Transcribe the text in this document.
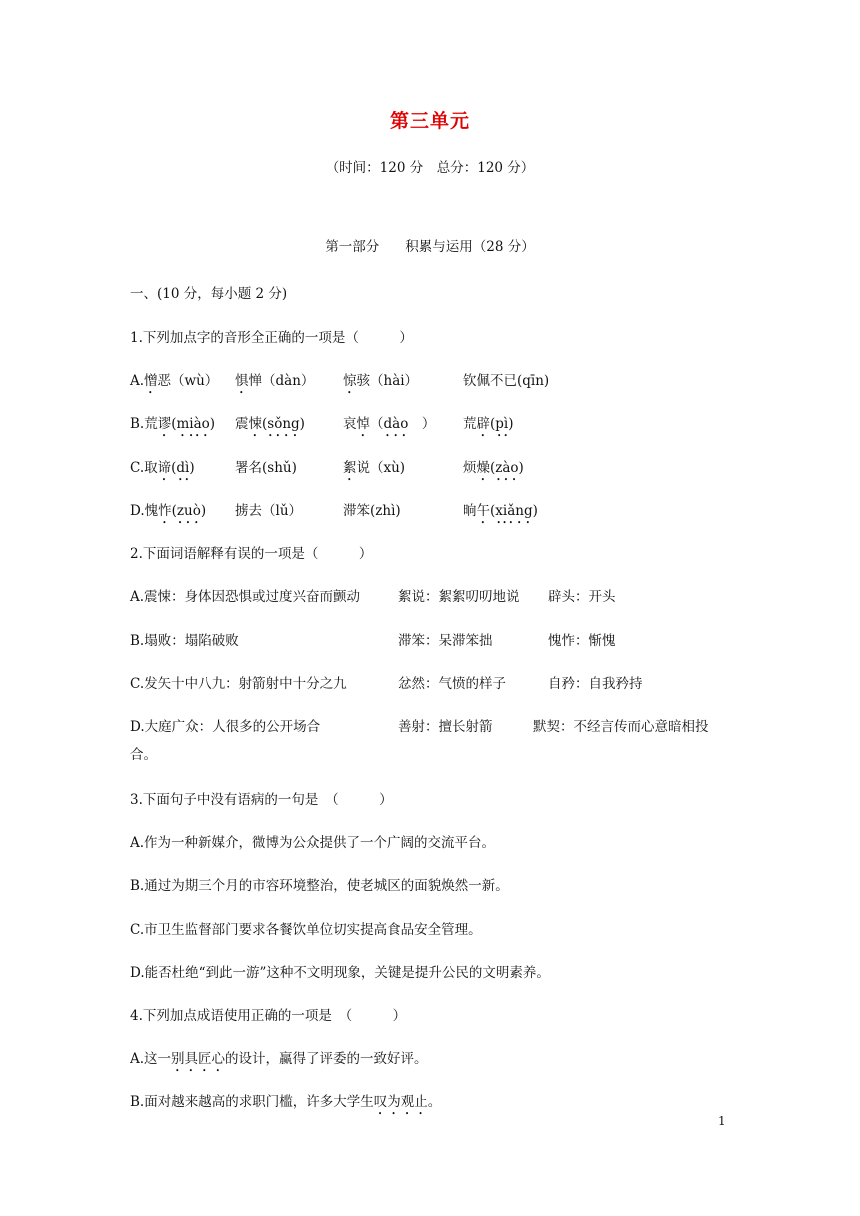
第三单元
（时间：120 分　总分：120 分）
第一部分 积累与运用（28 分）
一、(10 分，每小题 2 分)
1.下列加点字的音形全正确的一项是（　　　）
A.憎恶（wù） 惧惮（dàn） 惊骇（hài）	钦佩不已(qīn)
B.荒谬(miào) 震悚(sǒng)	哀悼（dào　） 荒辟(pì)
C.取谛(dì)	署名(shǔ)	絮说（xù)	烦燥(zào)
D.愧怍(zuò) 掳去（lǔ）	滞笨(zhì)	晌午(xiǎng)
2.下面词语解释有误的一项是（　　　）
A.震悚：身体因恐惧或过度兴奋而颤动	絮说：絮絮叨叨地说 辟头：开头
B.塌败：塌陷破败	滞笨：呆滞笨拙	愧怍：惭愧
C.发矢十中八九：射箭射中十分之九	忿然：气愤的样子	自矜：自我矜持
D.大庭广众：人很多的公开场合	善射：擅长射箭	默契：不经言传而心意暗相投
合。
3.下面句子中没有语病的一句是　（　　　）
A.作为一种新媒介，微博为公众提供了一个广阔的交流平台。
B.通过为期三个月的市容环境整治，使老城区的面貌焕然一新。
C.市卫生监督部门要求各餐饮单位切实提高食品安全管理。
D.能否杜绝“到此一游”这种不文明现象，关键是提升公民的文明素养。
4.下列加点成语使用正确的一项是　（　　　）
A.这一别具匠心的设计，赢得了评委的一致好评。
B.面对越来越高的求职门槛，许多大学生叹为观止。
1
